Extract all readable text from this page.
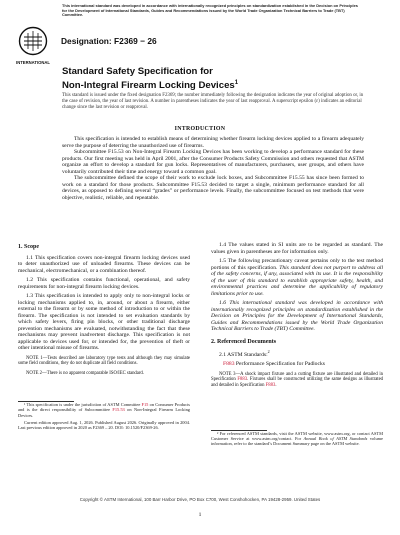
This international standard was developed in accordance with internationally recognized principles on standardization established in the Decision on Principles for the Development of International Standards, Guides and Recommendations issued by the World Trade Organization Technical Barriers to Trade (TBT) Committee.
INTERNATIONAL
Designation: F2369 − 26
Standard Safety Specification for
Non-Integral Firearm Locking Devices$^1$
This standard is issued under the fixed designation F2369; the number immediately following the designation indicates the year of original adoption or, in the case of revision, the year of last revision. A number in parentheses indicates the year of last reapproval. A superscript epsilon (ε) indicates an editorial change since the last revision or reapproval.
INTRODUCTION

This specification is intended to establish means of determining whether firearm locking devices applied to a firearm adequately serve the purpose of deterring the unauthorized use of firearms.

Subcommittee F15.53 on Non-Integral Firearm Locking Devices has been working to develop a performance standard for these products. Our first meeting was held in April 2001, after the Consumer Products Safety Commission and others requested that ASTM organize an effort to develop a standard for gun locks. Representatives of manufacturers, purchasers, user groups, and others have voluntarily contributed their time and energy toward a common goal.

The subcommittee defined the scope of their work to exclude lock boxes, and Subcommittee F15.55 has since been formed to work on a standard for those products. Subcommittee F15.53 decided to target a single, minimum performance standard for all devices, as opposed to defining several “grades” or performance levels. Finally, the subcommittee focused on test methods that were objective, realistic, reliable, and repeatable.

1. Scope

1.1 This specification covers non-integral firearm locking devices used to deter unauthorized use of unloaded firearms. These devices can be mechanical, electromechanical, or a combination thereof.

1.2 This specification contains functional, operational, and safety requirements for non-integral firearm locking devices.

1.3 This specification is intended to apply only to non-integral locks or locking mechanisms applied to, in, around, or about a firearm, either external to the firearm or by some method of introduction to or within the firearm. The specification is not intended to set evaluation standards by which safety levers, firing pin blocks, or other traditional discharge prevention mechanisms are evaluated, notwithstanding the fact that these mechanisms may prevent inadvertent discharge. This specification is not applicable to devices used for, or intended for, the prevention of theft or other intentional misuse of firearms.

NOTE 1—Tests described are laboratory type tests and although they may simulate some field conditions, they do not duplicate all field conditions.

NOTE 2—There is no apparent comparable ISO/IEC standard.

¹ This specification is under the jurisdiction of ASTM Committee F15 on Consumer Products and is the direct responsibility of Subcommittee F15.53 on Non-Integral Firearm Locking Devices.

Current edition approved Aug. 1, 2026. Published August 2026. Originally approved in 2004. Last previous edition approved in 2020 as F2369 – 20. DOI: 10.1520/F2369-26.

1.4 The values stated in SI units are to be regarded as standard. The values given in parentheses are for information only.

1.5 The following precautionary caveat pertains only to the test method portions of this specification. This standard does not purport to address all of the safety concerns, if any, associated with its use. It is the responsibility of the user of this standard to establish appropriate safety, health, and environmental practices and determine the applicability of regulatory limitations prior to use.

1.6 This international standard was developed in accordance with internationally recognized principles on standardization established in the Decision on Principles for the Development of International Standards, Guides and Recommendations issued by the World Trade Organization Technical Barriers to Trade (TBT) Committee.

2. Referenced Documents

2.1 ASTM Standards:$^2$

F883 Performance Specification for Padlocks

NOTE 3—A shock impact fixture and a cutting fixture are illustrated and detailed in Specification F883. Fixtures shall be constructed utilizing the same designs as illustrated and detailed in Specification F883.

² For referenced ASTM standards, visit the ASTM website, www.astm.org, or contact ASTM Customer Service at www.astm.org/contact. For Annual Book of ASTM Standards volume information, refer to the standard’s Document Summary page on the ASTM website.

Copyright © ASTM International, 100 Barr Harbor Drive, PO Box C700, West Conshohocken, PA 19428-2959. United States
1
